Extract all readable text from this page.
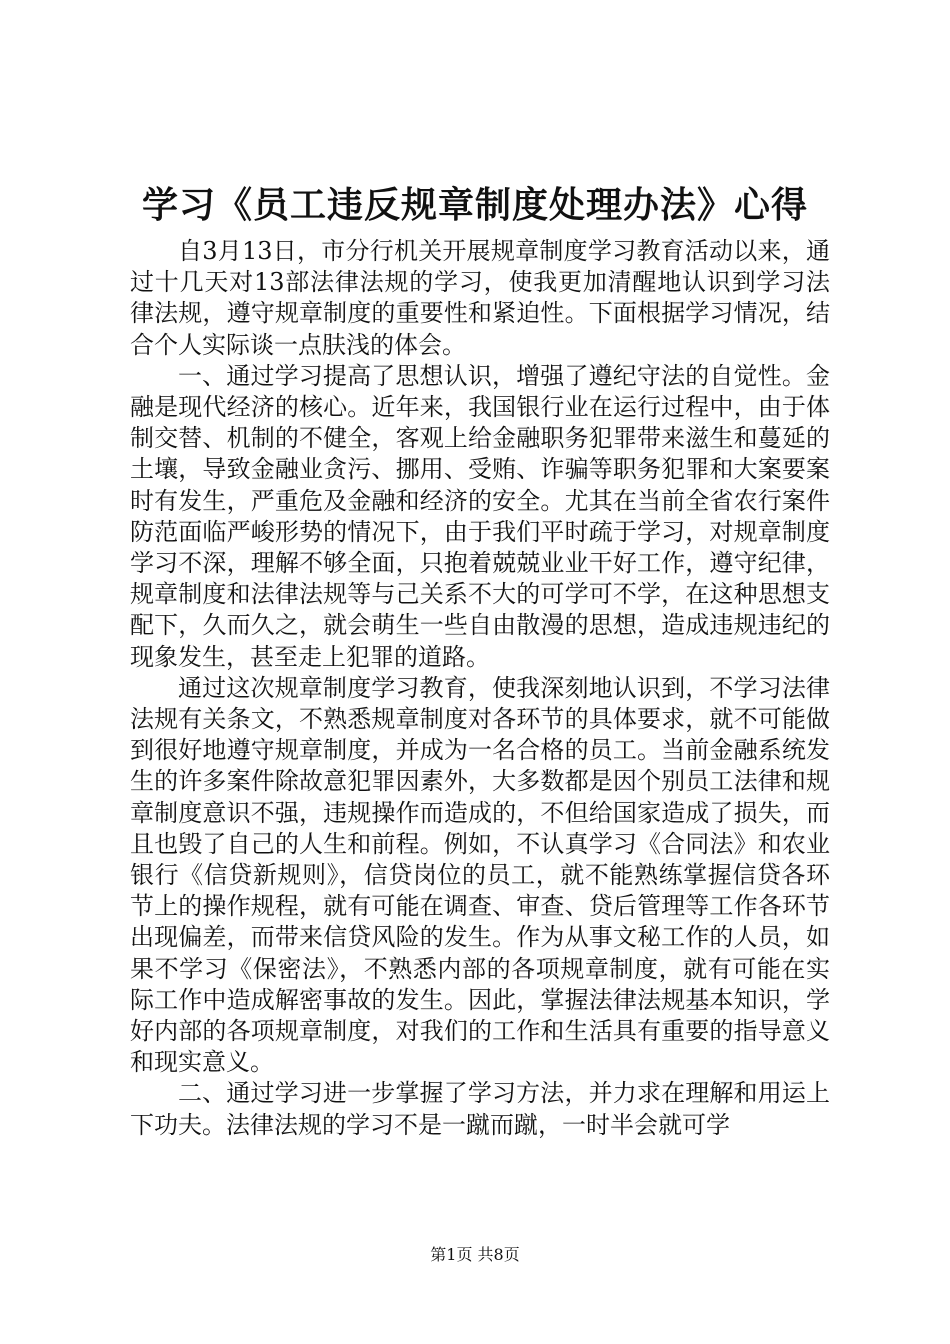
学习《员工违反规章制度处理办法》心得

自3月13日，市分行机关开展规章制度学习教育活动以来，通过十几天对13部法律法规的学习，使我更加清醒地认识到学习法律法规，遵守规章制度的重要性和紧迫性。下面根据学习情况，结合个人实际谈一点肤浅的体会。

一、通过学习提高了思想认识，增强了遵纪守法的自觉性。金融是现代经济的核心。近年来，我国银行业在运行过程中，由于体制交替、机制的不健全，客观上给金融职务犯罪带来滋生和蔓延的土壤，导致金融业贪污、挪用、受贿、诈骗等职务犯罪和大案要案时有发生，严重危及金融和经济的安全。尤其在当前全省农行案件防范面临严峻形势的情况下，由于我们平时疏于学习，对规章制度学习不深，理解不够全面，只抱着兢兢业业干好工作，遵守纪律，规章制度和法律法规等与己关系不大的可学可不学，在这种思想支配下，久而久之，就会萌生一些自由散漫的思想，造成违规违纪的现象发生，甚至走上犯罪的道路。

通过这次规章制度学习教育，使我深刻地认识到，不学习法律法规有关条文，不熟悉规章制度对各环节的具体要求，就不可能做到很好地遵守规章制度，并成为一名合格的员工。当前金融系统发生的许多案件除故意犯罪因素外，大多数都是因个别员工法律和规章制度意识不强，违规操作而造成的，不但给国家造成了损失，而且也毁了自己的人生和前程。例如，不认真学习《合同法》和农业银行《信贷新规则》，信贷岗位的员工，就不能熟练掌握信贷各环节上的操作规程，就有可能在调查、审查、贷后管理等工作各环节出现偏差，而带来信贷风险的发生。作为从事文秘工作的人员，如果不学习《保密法》，不熟悉内部的各项规章制度，就有可能在实际工作中造成解密事故的发生。因此，掌握法律法规基本知识，学好内部的各项规章制度，对我们的工作和生活具有重要的指导意义和现实意义。

二、通过学习进一步掌握了学习方法，并力求在理解和用运上下功夫。法律法规的学习不是一蹴而蹴，一时半会就可学

第1页 共8页
